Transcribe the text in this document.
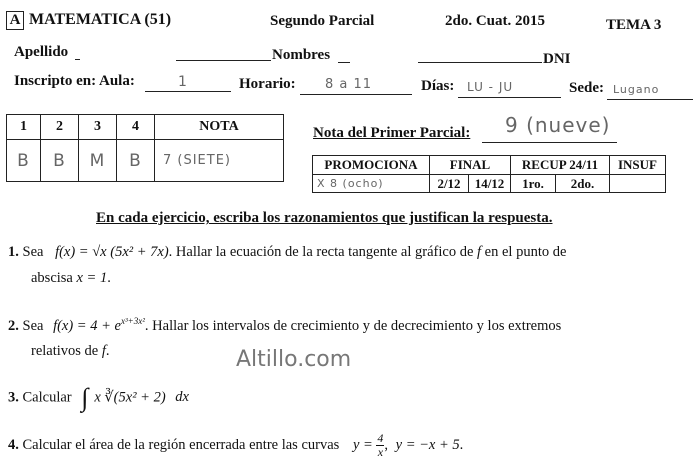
A MATEMATICA (51)	Segundo Parcial	2do. Cuat. 2015	TEMA 3
Apellido	Nombres	DNI
Inscripto en: Aula:	1	Horario: 8 a 11	Días: LU - JU	Sede: Lugano
1	2	3	4	NOTA
B	B	M	B	7 (SIETE)
Nota del Primer Parcial: 9 (nueve)
PROMOCIONA	FINAL		RECUP 24/11		INSUF
X 8 (ocho)	2/12	14/12	1ro.	2do.	
En cada ejercicio, escriba los razonamientos que justifican la respuesta.
1. Sea f(x) = √x (5x² + 7x). Hallar la ecuación de la recta tangente al gráfico de f en el punto de
abscisa x = 1.
2. Sea $f(x) = 4 + e^{x^3+3x^2}$. Hallar los intervalos de crecimiento y de decrecimiento y los extremos
relativos de f.	Altillo.com
3. Calcular ∫ x ∛(5x² + 2) dx
4. Calcular el área de la región encerrada entre las curvas $y = \frac{4}{x}$ , y = −x + 5.
